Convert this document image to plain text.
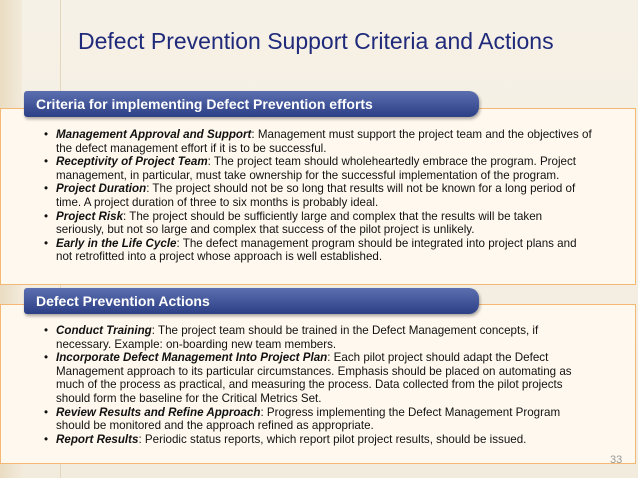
Defect Prevention Support Criteria and Actions
Criteria for implementing Defect Prevention efforts
• Management Approval and Support: Management must support the project team and the objectives of the defect management effort if it is to be successful.
• Receptivity of Project Team: The project team should wholeheartedly embrace the program. Project management, in particular, must take ownership for the successful implementation of the program.
• Project Duration: The project should not be so long that results will not be known for a long period of time. A project duration of three to six months is probably ideal.
• Project Risk: The project should be sufficiently large and complex that the results will be taken seriously, but not so large and complex that success of the pilot project is unlikely.
• Early in the Life Cycle: The defect management program should be integrated into project plans and not retrofitted into a project whose approach is well established.
Defect Prevention Actions
• Conduct Training: The project team should be trained in the Defect Management concepts, if necessary. Example: on-boarding new team members.
• Incorporate Defect Management Into Project Plan: Each pilot project should adapt the Defect Management approach to its particular circumstances. Emphasis should be placed on automating as much of the process as practical, and measuring the process. Data collected from the pilot projects should form the baseline for the Critical Metrics Set.
• Review Results and Refine Approach: Progress implementing the Defect Management Program should be monitored and the approach refined as appropriate.
• Report Results: Periodic status reports, which report pilot project results, should be issued.
33
